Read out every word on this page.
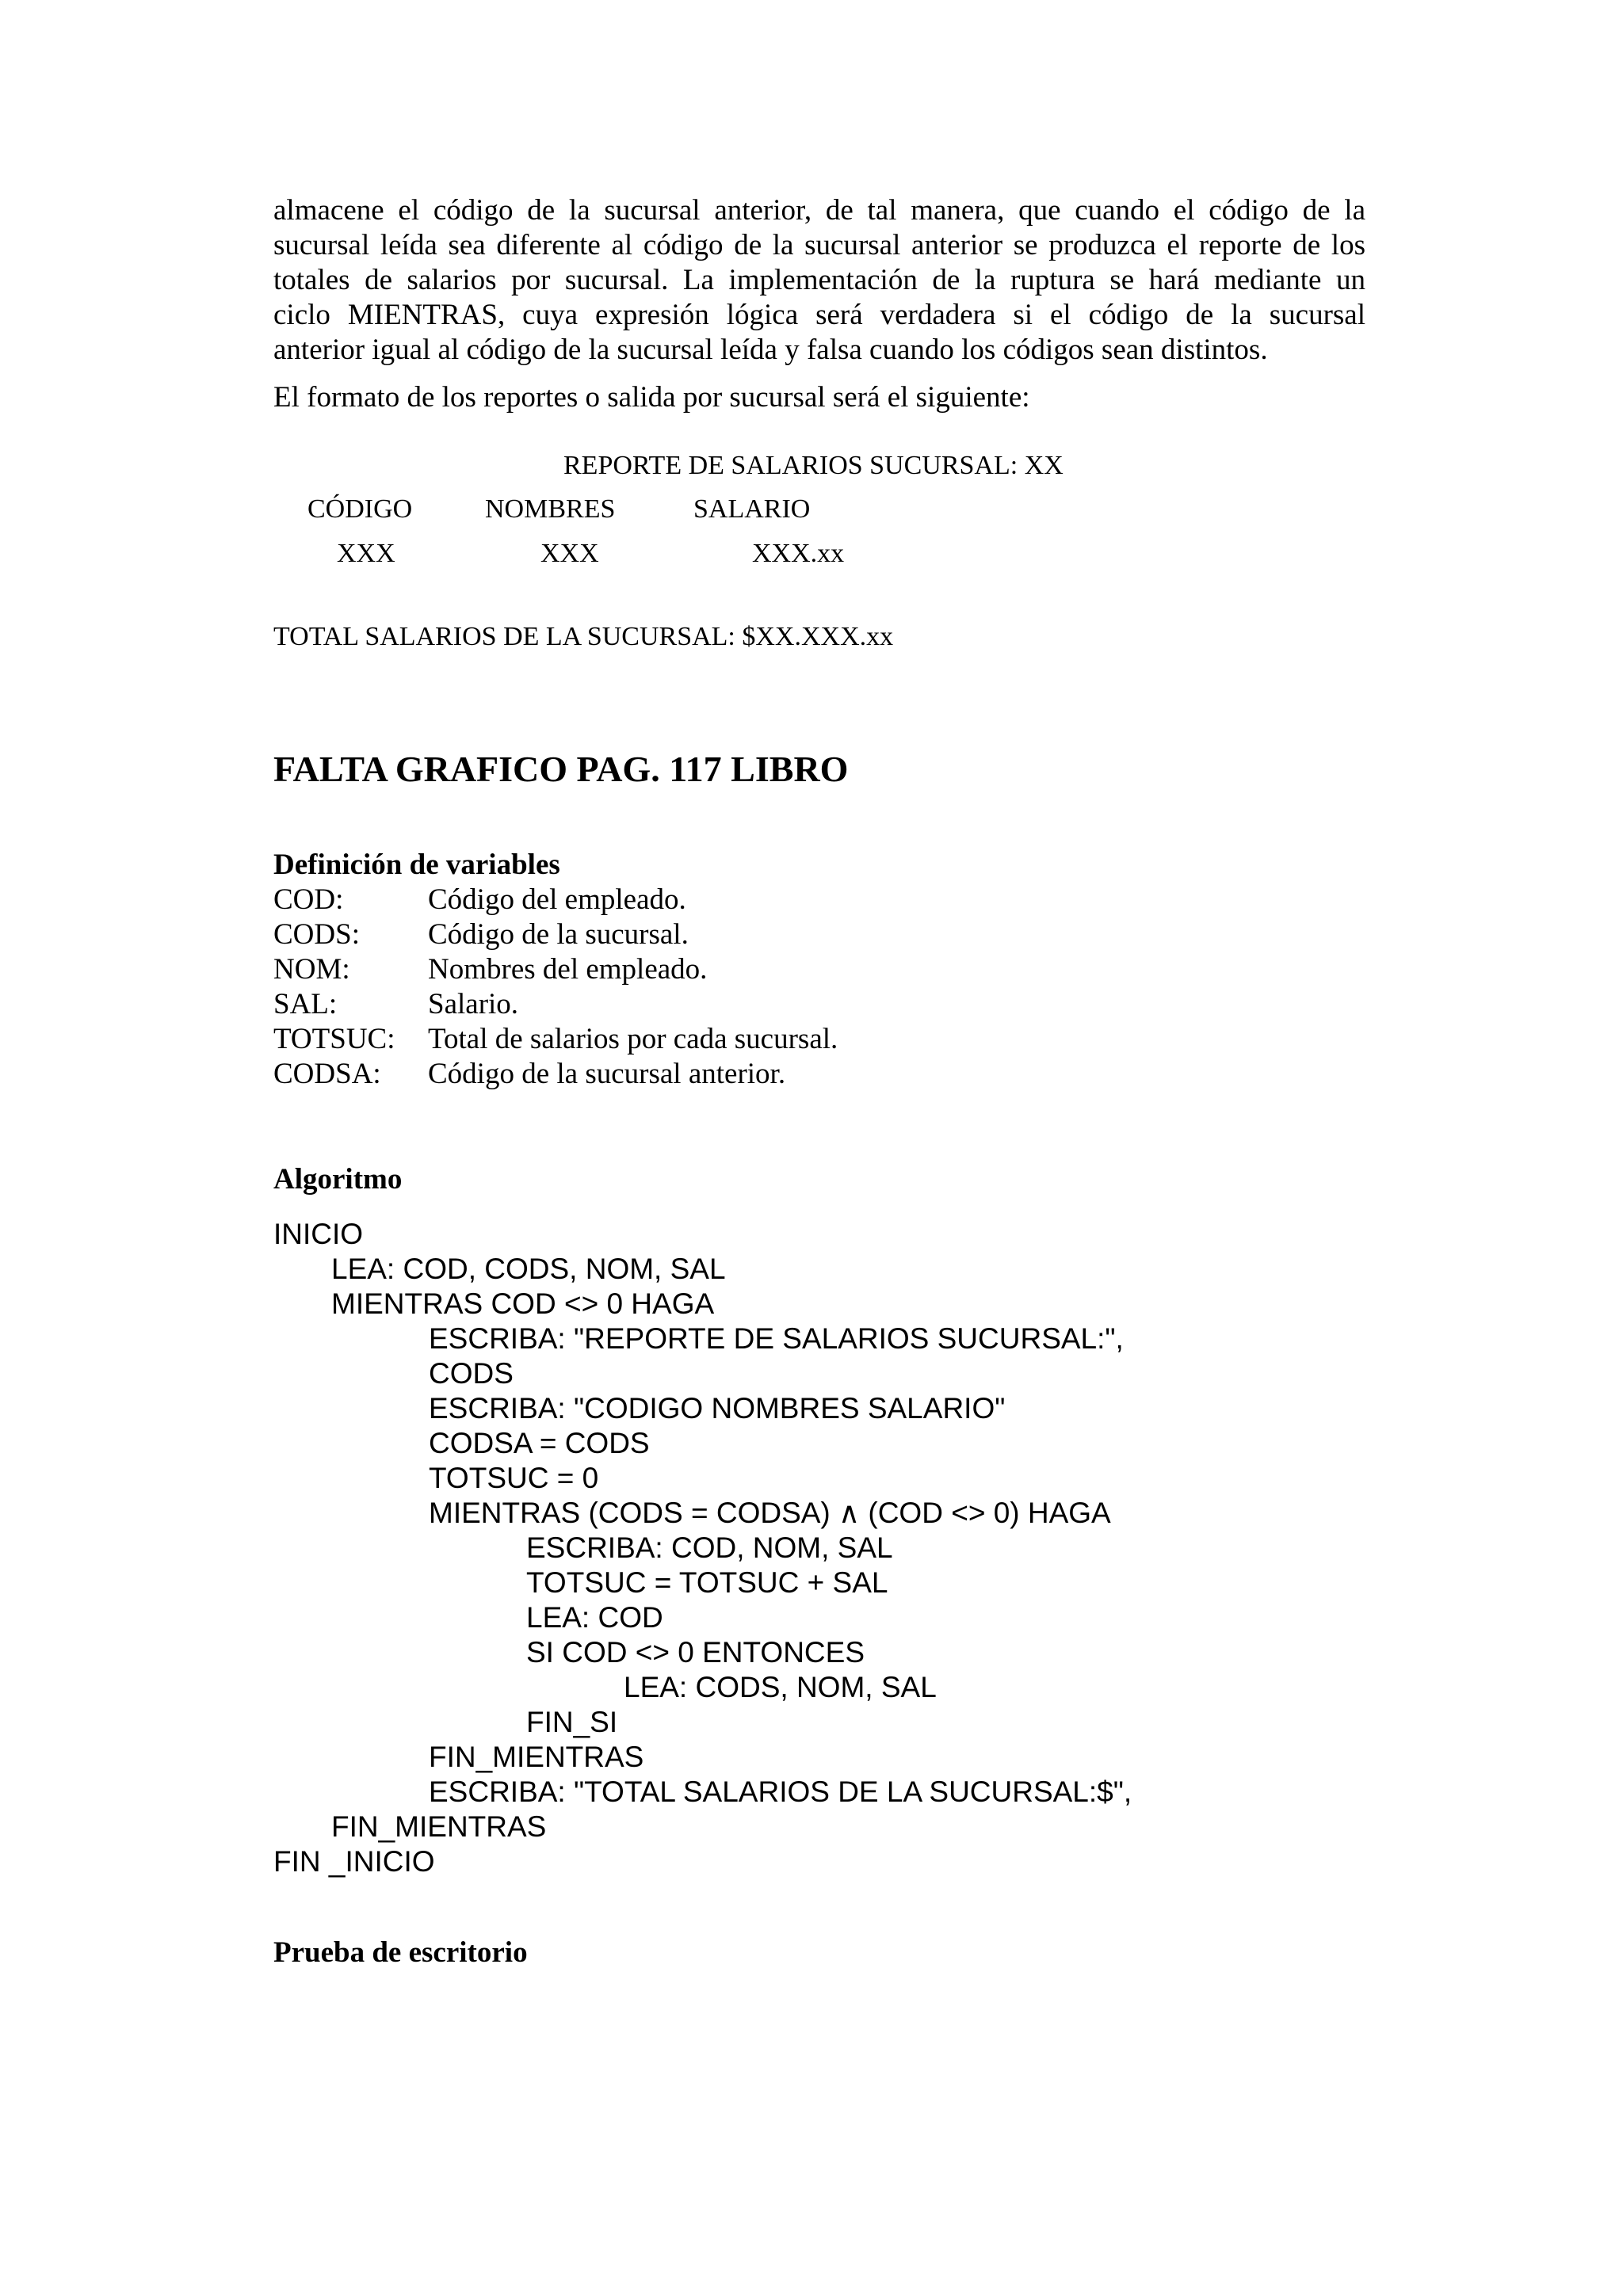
almacene el código de la sucursal anterior, de tal manera, que cuando el código de la
sucursal leída sea diferente al código de la sucursal anterior se produzca el reporte de los
totales de salarios por sucursal. La implementación de la ruptura se hará mediante un
ciclo MIENTRAS, cuya expresión lógica será verdadera si el código de la sucursal
anterior igual al código de la sucursal leída y falsa cuando los códigos sean distintos.
El formato de los reportes o salida por sucursal será el siguiente:
REPORTE DE SALARIOS SUCURSAL: XX
CÓDIGO	NOMBRES	SALARIO
XXX	XXX	XXX.xx
TOTAL SALARIOS DE LA SUCURSAL: $XX.XXX.xx
FALTA GRAFICO PAG. 117 LIBRO
Definición de variables
COD:	Código del empleado.
CODS: Código de la sucursal.
NOM:	Nombres del empleado.
SAL:	Salario.
TOTSUC: Total de salarios por cada sucursal.
CODSA: Código de la sucursal anterior.
Algoritmo
INICIO
LEA: COD, CODS, NOM, SAL
MIENTRAS COD <> 0 HAGA
ESCRIBA: "REPORTE DE SALARIOS SUCURSAL:",
CODS
ESCRIBA: "CODIGO NOMBRES SALARIO"
CODSA = CODS
TOTSUC = 0
MIENTRAS (CODS = CODSA) ∧ (COD <> 0) HAGA
ESCRIBA: COD, NOM, SAL
TOTSUC = TOTSUC + SAL
LEA: COD
SI COD <> 0 ENTONCES
LEA: CODS, NOM, SAL
FIN_SI
FIN_MIENTRAS
ESCRIBA: "TOTAL SALARIOS DE LA SUCURSAL:$",
FIN_MIENTRAS
FIN _INICIO
Prueba de escritorio
